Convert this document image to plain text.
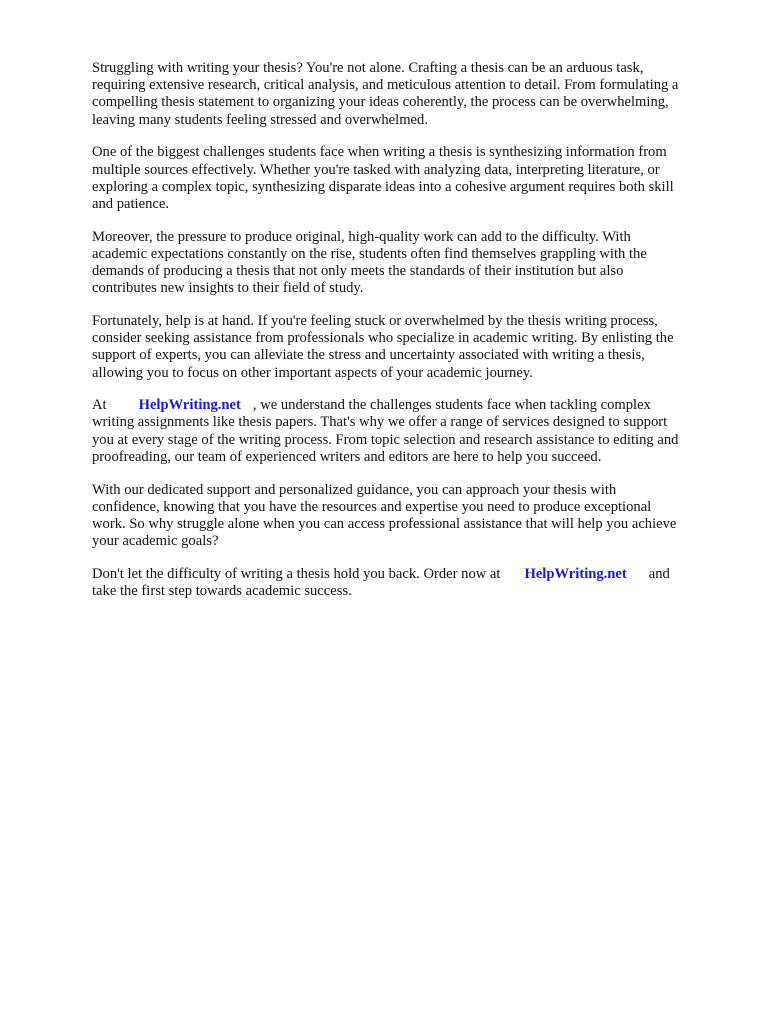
Struggling with writing your thesis? You're not alone. Crafting a thesis can be an arduous task,
requiring extensive research, critical analysis, and meticulous attention to detail. From formulating a
compelling thesis statement to organizing your ideas coherently, the process can be overwhelming,
leaving many students feeling stressed and overwhelmed.

One of the biggest challenges students face when writing a thesis is synthesizing information from
multiple sources effectively. Whether you're tasked with analyzing data, interpreting literature, or
exploring a complex topic, synthesizing disparate ideas into a cohesive argument requires both skill
and patience.

Moreover, the pressure to produce original, high-quality work can add to the difficulty. With
academic expectations constantly on the rise, students often find themselves grappling with the
demands of producing a thesis that not only meets the standards of their institution but also
contributes new insights to their field of study.

Fortunately, help is at hand. If you're feeling stuck or overwhelmed by the thesis writing process,
consider seeking assistance from professionals who specialize in academic writing. By enlisting the
support of experts, you can alleviate the stress and uncertainty associated with writing a thesis,
allowing you to focus on other important aspects of your academic journey.

At HelpWriting.net , we understand the challenges students face when tackling complex
writing assignments like thesis papers. That's why we offer a range of services designed to support
you at every stage of the writing process. From topic selection and research assistance to editing and
proofreading, our team of experienced writers and editors are here to help you succeed.

With our dedicated support and personalized guidance, you can approach your thesis with
confidence, knowing that you have the resources and expertise you need to produce exceptional
work. So why struggle alone when you can access professional assistance that will help you achieve
your academic goals?

Don't let the difficulty of writing a thesis hold you back. Order now at HelpWriting.net and
take the first step towards academic success.
